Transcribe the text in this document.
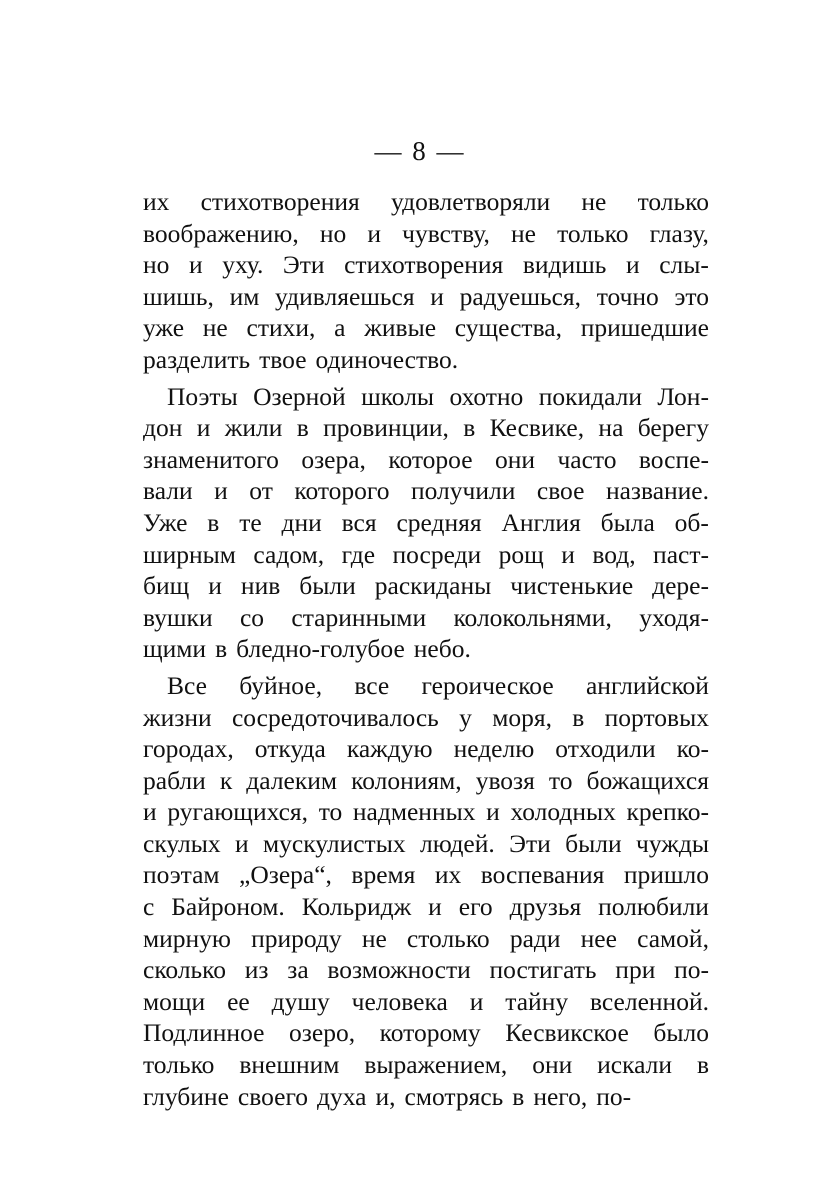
— 8 —
их стихотворения удовлетворяли не только
воображению, но и чувству, не только глазу,
но и уху. Эти стихотворения видишь и слы-
шишь, им удивляешься и радуешься, точно это
уже не стихи, а живые существа, пришедшие
разделить твое одиночество.
Поэты Озерной школы охотно покидали Лон-
дон и жили в провинции, в Кесвике, на берегу
знаменитого озера, которое они часто воспе-
вали и от которого получили свое название.
Уже в те дни вся средняя Англия была об-
ширным садом, где посреди рощ и вод, паст-
бищ и нив были раскиданы чистенькие дере-
вушки со старинными колокольнями, уходя-
щими в бледно-голубое небо.
Все буйное, все героическое английской
жизни сосредоточивалось у моря, в портовых
городах, откуда каждую неделю отходили ко-
рабли к далеким колониям, увозя то божащихся
и ругающихся, то надменных и холодных крепко-
скулых и мускулистых людей. Эти были чужды
поэтам „Озера“, время их воспевания пришло
с Байроном. Кольридж и его друзья полюбили
мирную природу не столько ради нее самой,
сколько из за возможности постигать при по-
мощи ее душу человека и тайну вселенной.
Подлинное озеро, которому Кесвикское было
только внешним выражением, они искали в
глубине своего духа и, смотрясь в него, по-
